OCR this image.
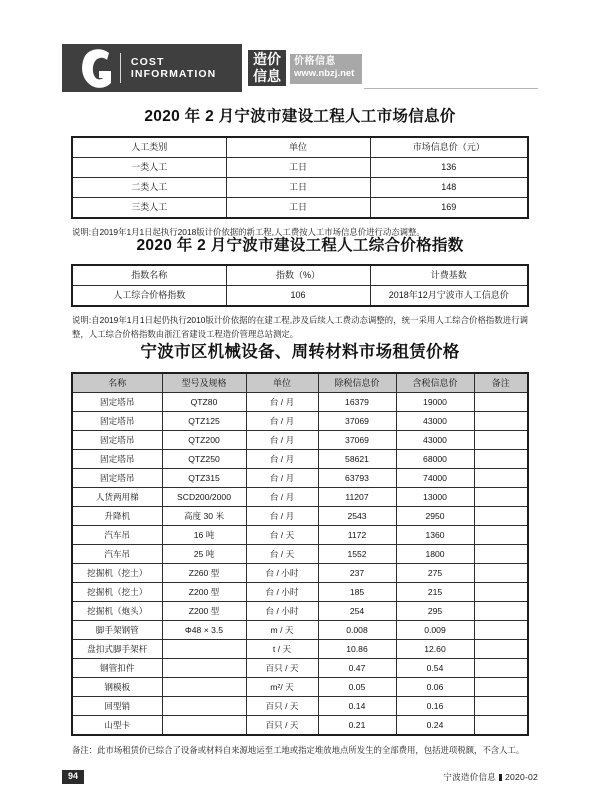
COST INFORMATION
造价
信息
价格信息
www.nbzj.net
2020 年 2 月宁波市建设工程人工市场信息价
人工类别	单位	市场信息价（元）
一类人工	工日	136
二类人工	工日	148
三类人工	工日	169
说明:自2019年1月1日起执行2018版计价依据的新工程,人工费按人工市场信息价进行动态调整。
2020 年 2 月宁波市建设工程人工综合价格指数
指数名称	指数（%）	计费基数
人工综合价格指数	106	2018年12月宁波市人工信息价
说明:自2019年1月1日起仍执行2010版计价依据的在建工程,涉及后续人工费动态调整的，统一采用人工综合价格指数进行调整，人工综合价格指数由浙江省建设工程造价管理总站测定。
宁波市区机械设备、周转材料市场租赁价格
名称	型号及规格	单位	除税信息价	含税信息价	备注
固定塔吊	QTZ80	台 / 月	16379	19000	
固定塔吊	QTZ125	台 / 月	37069	43000	
固定塔吊	QTZ200	台 / 月	37069	43000	
固定塔吊	QTZ250	台 / 月	58621	68000	
固定塔吊	QTZ315	台 / 月	63793	74000	
人货两用梯	SCD200/2000	台 / 月	11207	13000	
升降机	高度 30 米	台 / 月	2543	2950	
汽车吊	16 吨	台 / 天	1172	1360	
汽车吊	25 吨	台 / 天	1552	1800	
挖掘机（挖土）	Z260 型	台 / 小时	237	275	
挖掘机（挖土）	Z200 型	台 / 小时	185	215	
挖掘机（炮头）	Z200 型	台 / 小时	254	295	
脚手架钢管	Φ48 × 3.5	m / 天	0.008	0.009	
盘扣式脚手架杆		t / 天	10.86	12.60	
钢管扣件		百只 / 天	0.47	0.54	
钢模板		m²/ 天	0.05	0.06	
回型销		百只 / 天	0.14	0.16	
山型卡		百只 / 天	0.21	0.24	
备注：此市场租赁价已综合了设备或材料自来源地运至工地或指定堆放地点所发生的全部费用，包括进项税额，不含人工。
94	宁波造价信息 2020-02
